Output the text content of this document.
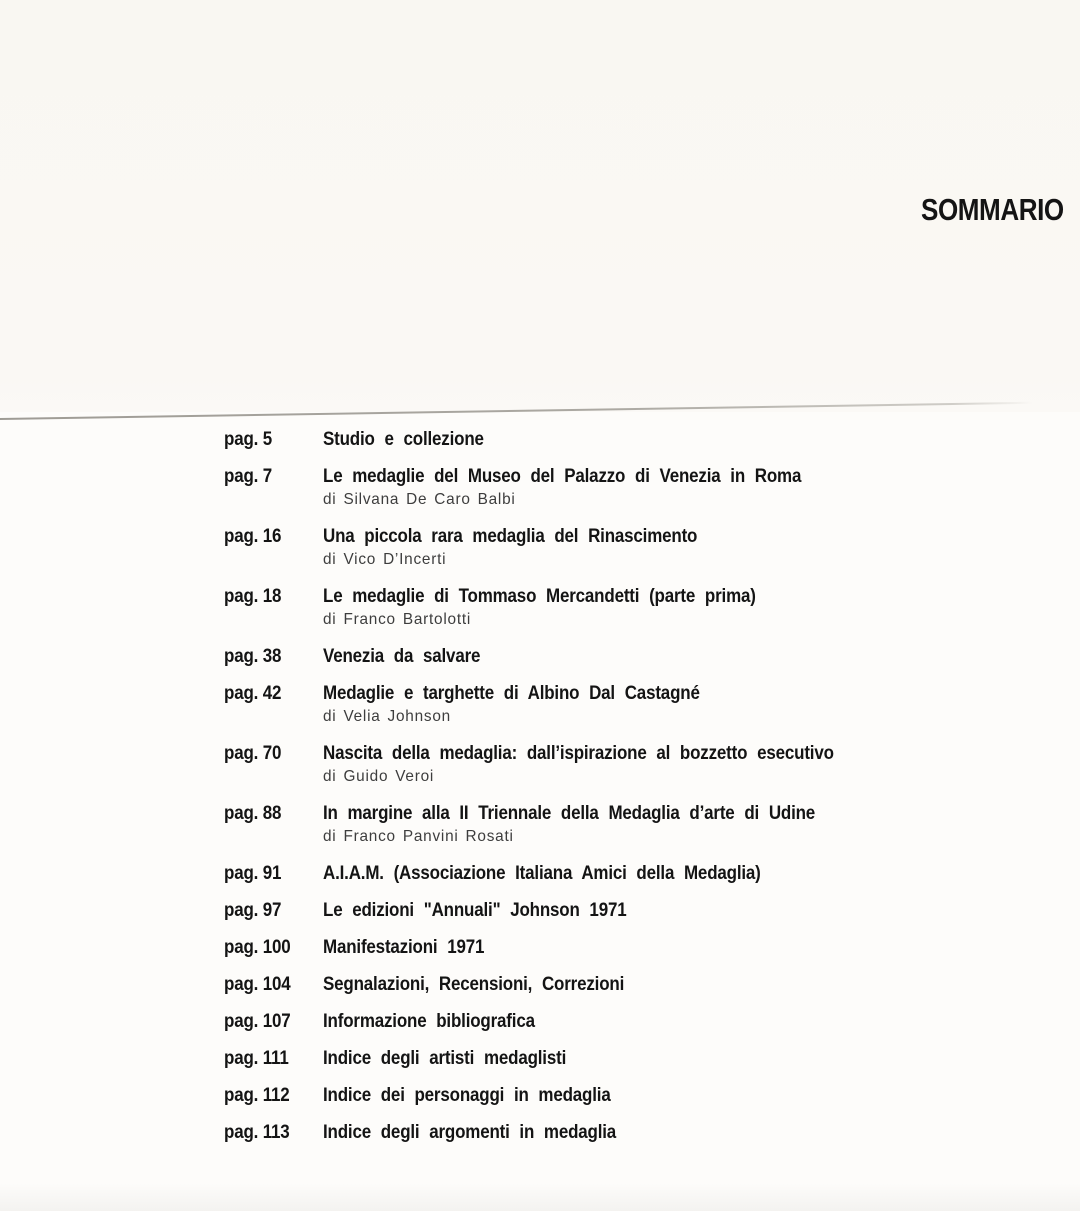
SOMMARIO
pag. 5	Studio e collezione
pag. 7	Le medaglie del Museo del Palazzo di Venezia in Roma
di Silvana De Caro Balbi
pag. 16	Una piccola rara medaglia del Rinascimento
di Vico D’Incerti
pag. 18	Le medaglie di Tommaso Mercandetti (parte prima)
di Franco Bartolotti
pag. 38	Venezia da salvare
pag. 42	Medaglie e targhette di Albino Dal Castagné
di Velia Johnson
pag. 70	Nascita della medaglia: dall’ispirazione al bozzetto esecutivo
di Guido Veroi
pag. 88	In margine alla II Triennale della Medaglia d’arte di Udine
di Franco Panvini Rosati
pag. 91	A.I.A.M. (Associazione Italiana Amici della Medaglia)
pag. 97	Le edizioni "Annuali" Johnson 1971
pag. 100	Manifestazioni 1971
pag. 104	Segnalazioni, Recensioni, Correzioni
pag. 107	Informazione bibliografica
pag. 111	Indice degli artisti medaglisti
pag. 112	Indice dei personaggi in medaglia
pag. 113	Indice degli argomenti in medaglia
